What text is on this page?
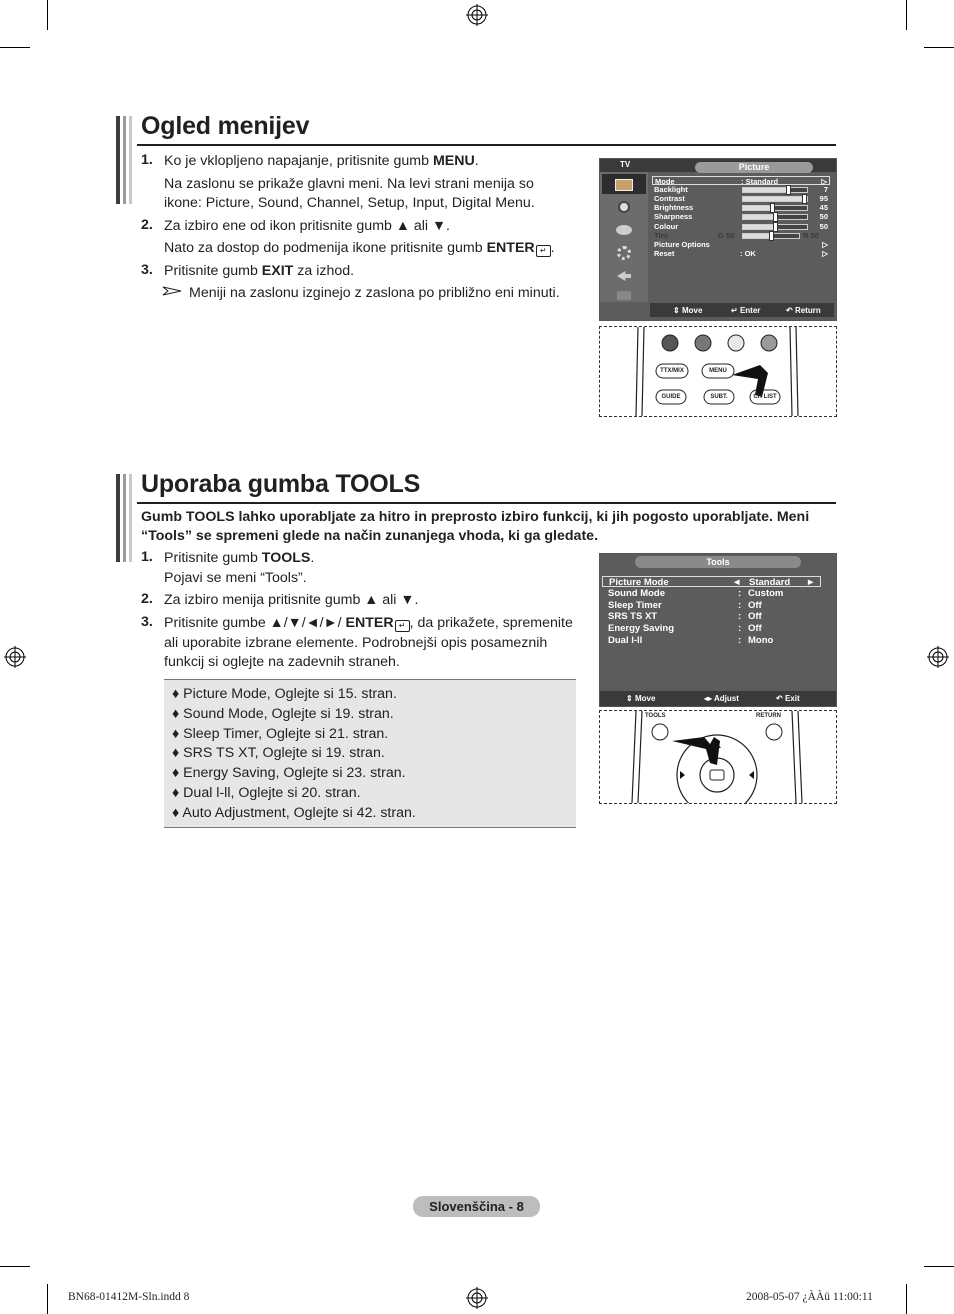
Ogled menijev
1. Ko je vklopljeno napajanje, pritisnite gumb MENU.
Na zaslonu se prikaže glavni meni. Na levi strani menija so
ikone: Picture, Sound, Channel, Setup, Input, Digital Menu.
2. Za izbiro ene od ikon pritisnite gumb ▲ ali ▼.
Nato za dostop do podmenija ikone pritisnite gumb ENTER ↵ .
3. Pritisnite gumb EXIT za izhod.
Meniji na zaslonu izginejo z zaslona po približno eni minuti.
TV	Picture
Mode	: Standard	▷
Backlight	7
Contrast	95
Brightness	45
Sharpness	50
Colour	50
Tint	G 50	R 50
Picture Options	▷
Reset	: OK	▷
⇕ Move	↵ Enter	↶ Return
TTX/MIX	MENU
GUIDE	SUBT.	CH LIST
Uporaba gumba TOOLS
Gumb TOOLS lahko uporabljate za hitro in preprosto izbiro funkcij, ki jih pogosto uporabljate. Meni
“Tools” se spremeni glede na način zunanjega vhoda, ki ga gledate.
1. Pritisnite gumb TOOLS.
Pojavi se meni “Tools”.
2. Za izbiro menija pritisnite gumb ▲ ali ▼.
3. Pritisnite gumbe ▲/▼/◄/►/ ENTER ↵ , da prikažete, spremenite
ali uporabite izbrane elemente. Podrobnejši opis posameznih
funkcij si oglejte na zadevnih straneh.
♦ Picture Mode, Oglejte si 15. stran.
♦ Sound Mode, Oglejte si 19. stran.
♦ Sleep Timer, Oglejte si 21. stran.
♦ SRS TS XT, Oglejte si 19. stran.
♦ Energy Saving, Oglejte si 23. stran.
♦ Dual l-ll, Oglejte si 20. stran.
♦ Auto Adjustment, Oglejte si 42. stran.
Tools
Picture Mode	◄ Standard ►
Sound Mode	: Custom
Sleep Timer	: Off
SRS TS XT	: Off
Energy Saving	: Off
Dual l-ll	: Mono
⇕ Move	◂▸ Adjust	↶ Exit
TOOLS	RETURN
Slovenščina - 8
BN68-01412M-Sln.indd 8	2008-05-07 ¿ÀÀü 11:00:11
